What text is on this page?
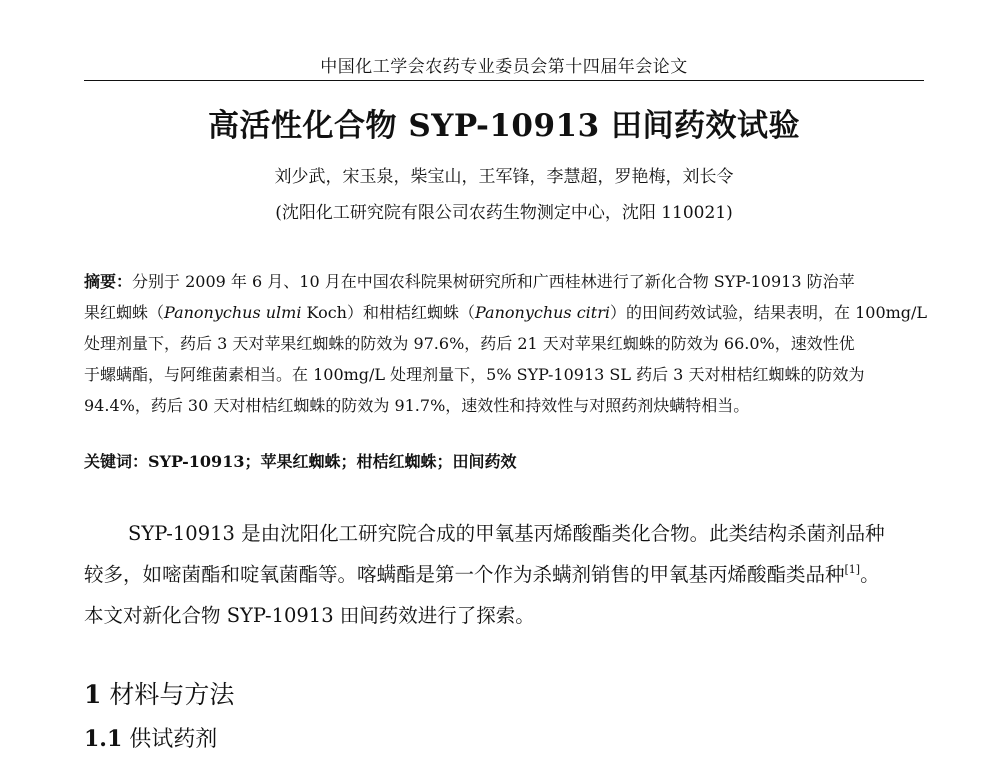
中国化工学会农药专业委员会第十四届年会论文
高活性化合物 SYP-10913 田间药效试验
刘少武，宋玉泉，柴宝山，王军锋，李慧超，罗艳梅，刘长令
(沈阳化工研究院有限公司农药生物测定中心，沈阳 110021)
摘要：分别于 2009 年 6 月、10 月在中国农科院果树研究所和广西桂林进行了新化合物 SYP-10913 防治苹
果红蜘蛛（Panonychus ulmi Koch）和柑桔红蜘蛛（Panonychus citri）的田间药效试验，结果表明，在 100mg/L
处理剂量下，药后 3 天对苹果红蜘蛛的防效为 97.6%，药后 21 天对苹果红蜘蛛的防效为 66.0%，速效性优
于螺螨酯，与阿维菌素相当。在 100mg/L 处理剂量下，5% SYP-10913 SL 药后 3 天对柑桔红蜘蛛的防效为
94.4%，药后 30 天对柑桔红蜘蛛的防效为 91.7%，速效性和持效性与对照药剂炔螨特相当。
关键词：SYP-10913；苹果红蜘蛛；柑桔红蜘蛛；田间药效
SYP-10913 是由沈阳化工研究院合成的甲氧基丙烯酸酯类化合物。此类结构杀菌剂品种
较多，如嘧菌酯和啶氧菌酯等。喀螨酯是第一个作为杀螨剂销售的甲氧基丙烯酸酯类品种[1]。
本文对新化合物 SYP-10913 田间药效进行了探索。
1 材料与方法
1.1 供试药剂
